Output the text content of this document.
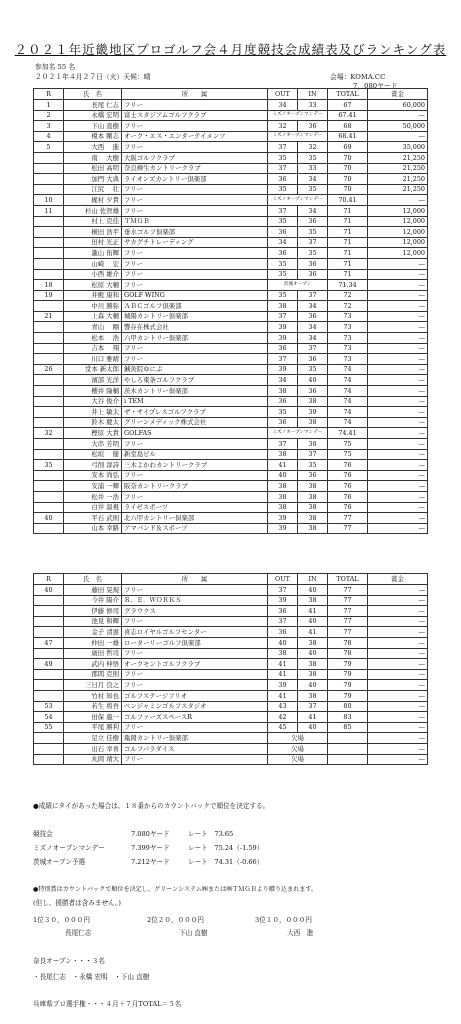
２０２１年近畿地区プロゴルフ会４月度競技会成績表及びランキング表
参加名 55 名
２０２１年４月２７日（火）天候：晴	会場：KOMA.CC
7，080ヤード
R	氏　名	所　　属	OUT	IN	TOTAL	賞金
1	長尾 仁志	フリー	34	33	67	60,000
2	永橋 宏明	富士スタジアムゴルフクラブ	ミズノオープンマンデー		67.41	—
3	下山 直樹	フリー	32	36	68	50,000
4	榎本 剛志	オーク・エス・エンターテイメンツ	ミズノオープンマンデー		68.41	—
5	大西 　進	フリー	37	32	69	35,000
	南 　大樹	大阪ゴルフクラブ	35	35	70	21,250
	松田 高明	奈良柳生カントリークラブ	37	33	70	21,250
	加門 大典	ライオンズカントリー倶楽部	36	34	70	21,250
	江尻 　壮	フリー	35	35	70	21,250
10	梶村 夕貴	フリー	ミズノオープンマンデー		70.41	—
11	杉山 佐智雄	フリー	37	34	71	12,000
	村上 克佳	ＴＭＧＢ	35	36	71	12,000
	横田 浩平	垂水ゴルフ倶楽部	36	35	71	12,000
	田村 光正	サカグチトレーディング	34	37	71	12,000
	瀧山 侑輝	フリー	36	35	71	12,000
	山崎 　宏	フリー	35	36	71	—
	小西 雄介	フリー	35	36	71	—
18	松原 大輔	フリー	茨城オープン		71.34	—
19	井殿 康和	GOLF WING	35	37	72	—
	中川 勝弥	ＡＢＣゴルフ倶楽部	38	34	72	—
21	上森 大輔	城陽カントリー倶楽部	37	36	73	—
	青山 　剛	響存在株式会社	39	34	73	—
	松本 　浩	六甲カントリー倶楽部	39	34	73	—
	吉本 　翔	フリー	36	37	73	—
	川口 雅晴	フリー	37	36	73	—
26	堂本 新太郎	鍼灸院ゆにぷ	39	35	74	—
	濱部 光洋	やしろ東条ゴルフクラブ	34	40	74	—
	櫻井 隆輔	茨木カントリー倶楽部	38	36	74	—
	大谷 俊介	i TEM	36	38	74	—
	井上 敏太	ザ・サイプレスゴルフクラブ	35	39	74	—
	鈴木 慶太	グリーンメディック株式会社	36	38	74	—
32	樫原 大貴	GOLFAS	ミズノオープンマンデー		74.41	—
	大串 芳明	フリー	37	38	75	—
	松垣 　健	新堂島ビル	38	37	75	—
35	弓削 淳詩	三木よかわカントリークラブ	41	35	76	—
	安本 尚弘	フリー	40	36	76	—
	安浦 一輝	阪奈カントリークラブ	38	38	76	—
	松井 一浩	フリー	38	38	76	—
	白井 温視	ライゼスポーツ	38	38	76	—
40	平石 武則	北六甲カントリー倶楽部	39	38	77	—
	山本 幸路	アマバンド＆スポーツ	39	38	77	—
R	氏　名	所　　属	OUT	IN	TOTAL	賞金
40	藤田 晃規	フリー	37	40	77	—
	今井 陽介	Ｒ．Ｅ．ＷＯＲＫＳ	39	38	77	—
	伊藤 修司	グラウクス	36	41	77	—
	池見 和輝	フリー	37	40	77	—
	金子 清憲	喜志ロイヤルゴルフセンター	36	41	77	—
47	仲田 一雄	ローターリーゴルフ倶楽部	40	38	78	—
	廣田 哲司	フリー	38	40	78	—
49	武内 伸悟	オークモントゴルフクラブ	41	38	79	—
	郡間 克則	フリー	41	38	79	—
	三日月 良之	フリー	39	40	79	—
	竹村 知也	ゴルフステージフリオ	41	38	79	—
53	若生 将吾	ベンジャミンゴルフスタジオ	43	37	80	—
54	田保 龍一	ゴルファーズスペースR	42	41	83	—
55	平尾 勝利	フリー	45	40	85	—
	足立 佳樹	亀岡カントリー倶楽部	欠場			—
	出石 幸喜	ゴルフパラダイス	欠場			—
	丸岡 靖大	フリー	欠場			—
●成績にタイがあった場合は、１８番からのカウントバックで順位を決定する。
競技会	7.080ヤード	レート　73.65
ミズノオープンマンデー	7.399ヤード	レート　75.24（-1.59）
茨城オープン予選	7.212ヤード	レート　74.31（-0.66）
●特別賞はカウントバックで順位を決定し、グリーンシステム㈱または㈱ＴＭＧＢより贈り込まれます。
(但し、援勝者は含みません。)
1位３０，０００円	2位２０，０００円	3位１０，０００円
長尾仁志	下山 直樹	大西　進
奈良オープン・・・３名
・長尾仁志　・永橋 宏明　・下山 直樹
兵庫県プロ選手権・・・４月＋７月TOTAL＝５名
